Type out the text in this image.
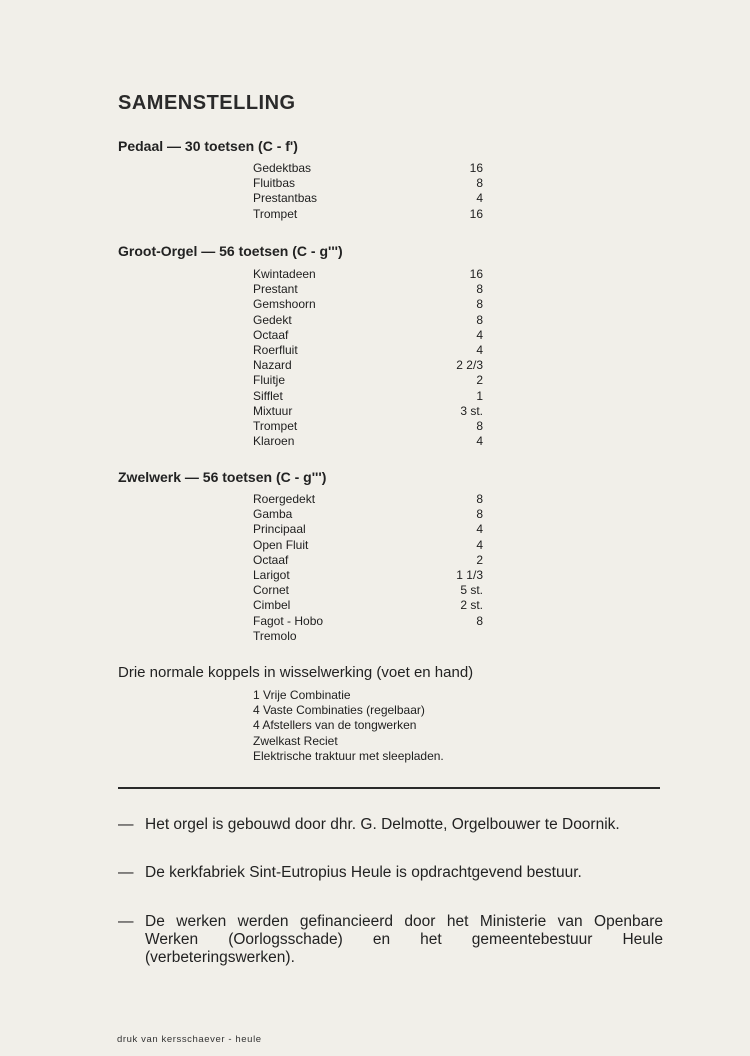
SAMENSTELLING
Pedaal — 30 toetsen (C - f')
Gedektbas	16
Fluitbas	8
Prestantbas	4
Trompet	16
Groot-Orgel — 56 toetsen (C - g''')
Kwintadeen	16
Prestant	8
Gemshoorn	8
Gedekt	8
Octaaf	4
Roerfluit	4
Nazard	2 2/3
Fluitje	2
Sifflet	1
Mixtuur	3 st.
Trompet	8
Klaroen	4
Zwelwerk — 56 toetsen (C - g''')
Roergedekt	8
Gamba	8
Principaal	4
Open Fluit	4
Octaaf	2
Larigot	1 1/3
Cornet	5 st.
Cimbel	2 st.
Fagot - Hobo	8
Tremolo
Drie normale koppels in wisselwerking (voet en hand)
1 Vrije Combinatie
4 Vaste Combinaties (regelbaar)
4 Afstellers van de tongwerken
Zwelkast Reciet
Elektrische traktuur met sleepladen.
— Het orgel is gebouwd door dhr. G. Delmotte, Orgelbouwer te Doornik.
— De kerkfabriek Sint-Eutropius Heule is opdrachtgevend bestuur.
— De werken werden gefinancieerd door het Ministerie van Openbare Werken (Oorlogsschade) en het gemeentebestuur Heule (verbeteringswerken).
druk van kersschaever - heule
